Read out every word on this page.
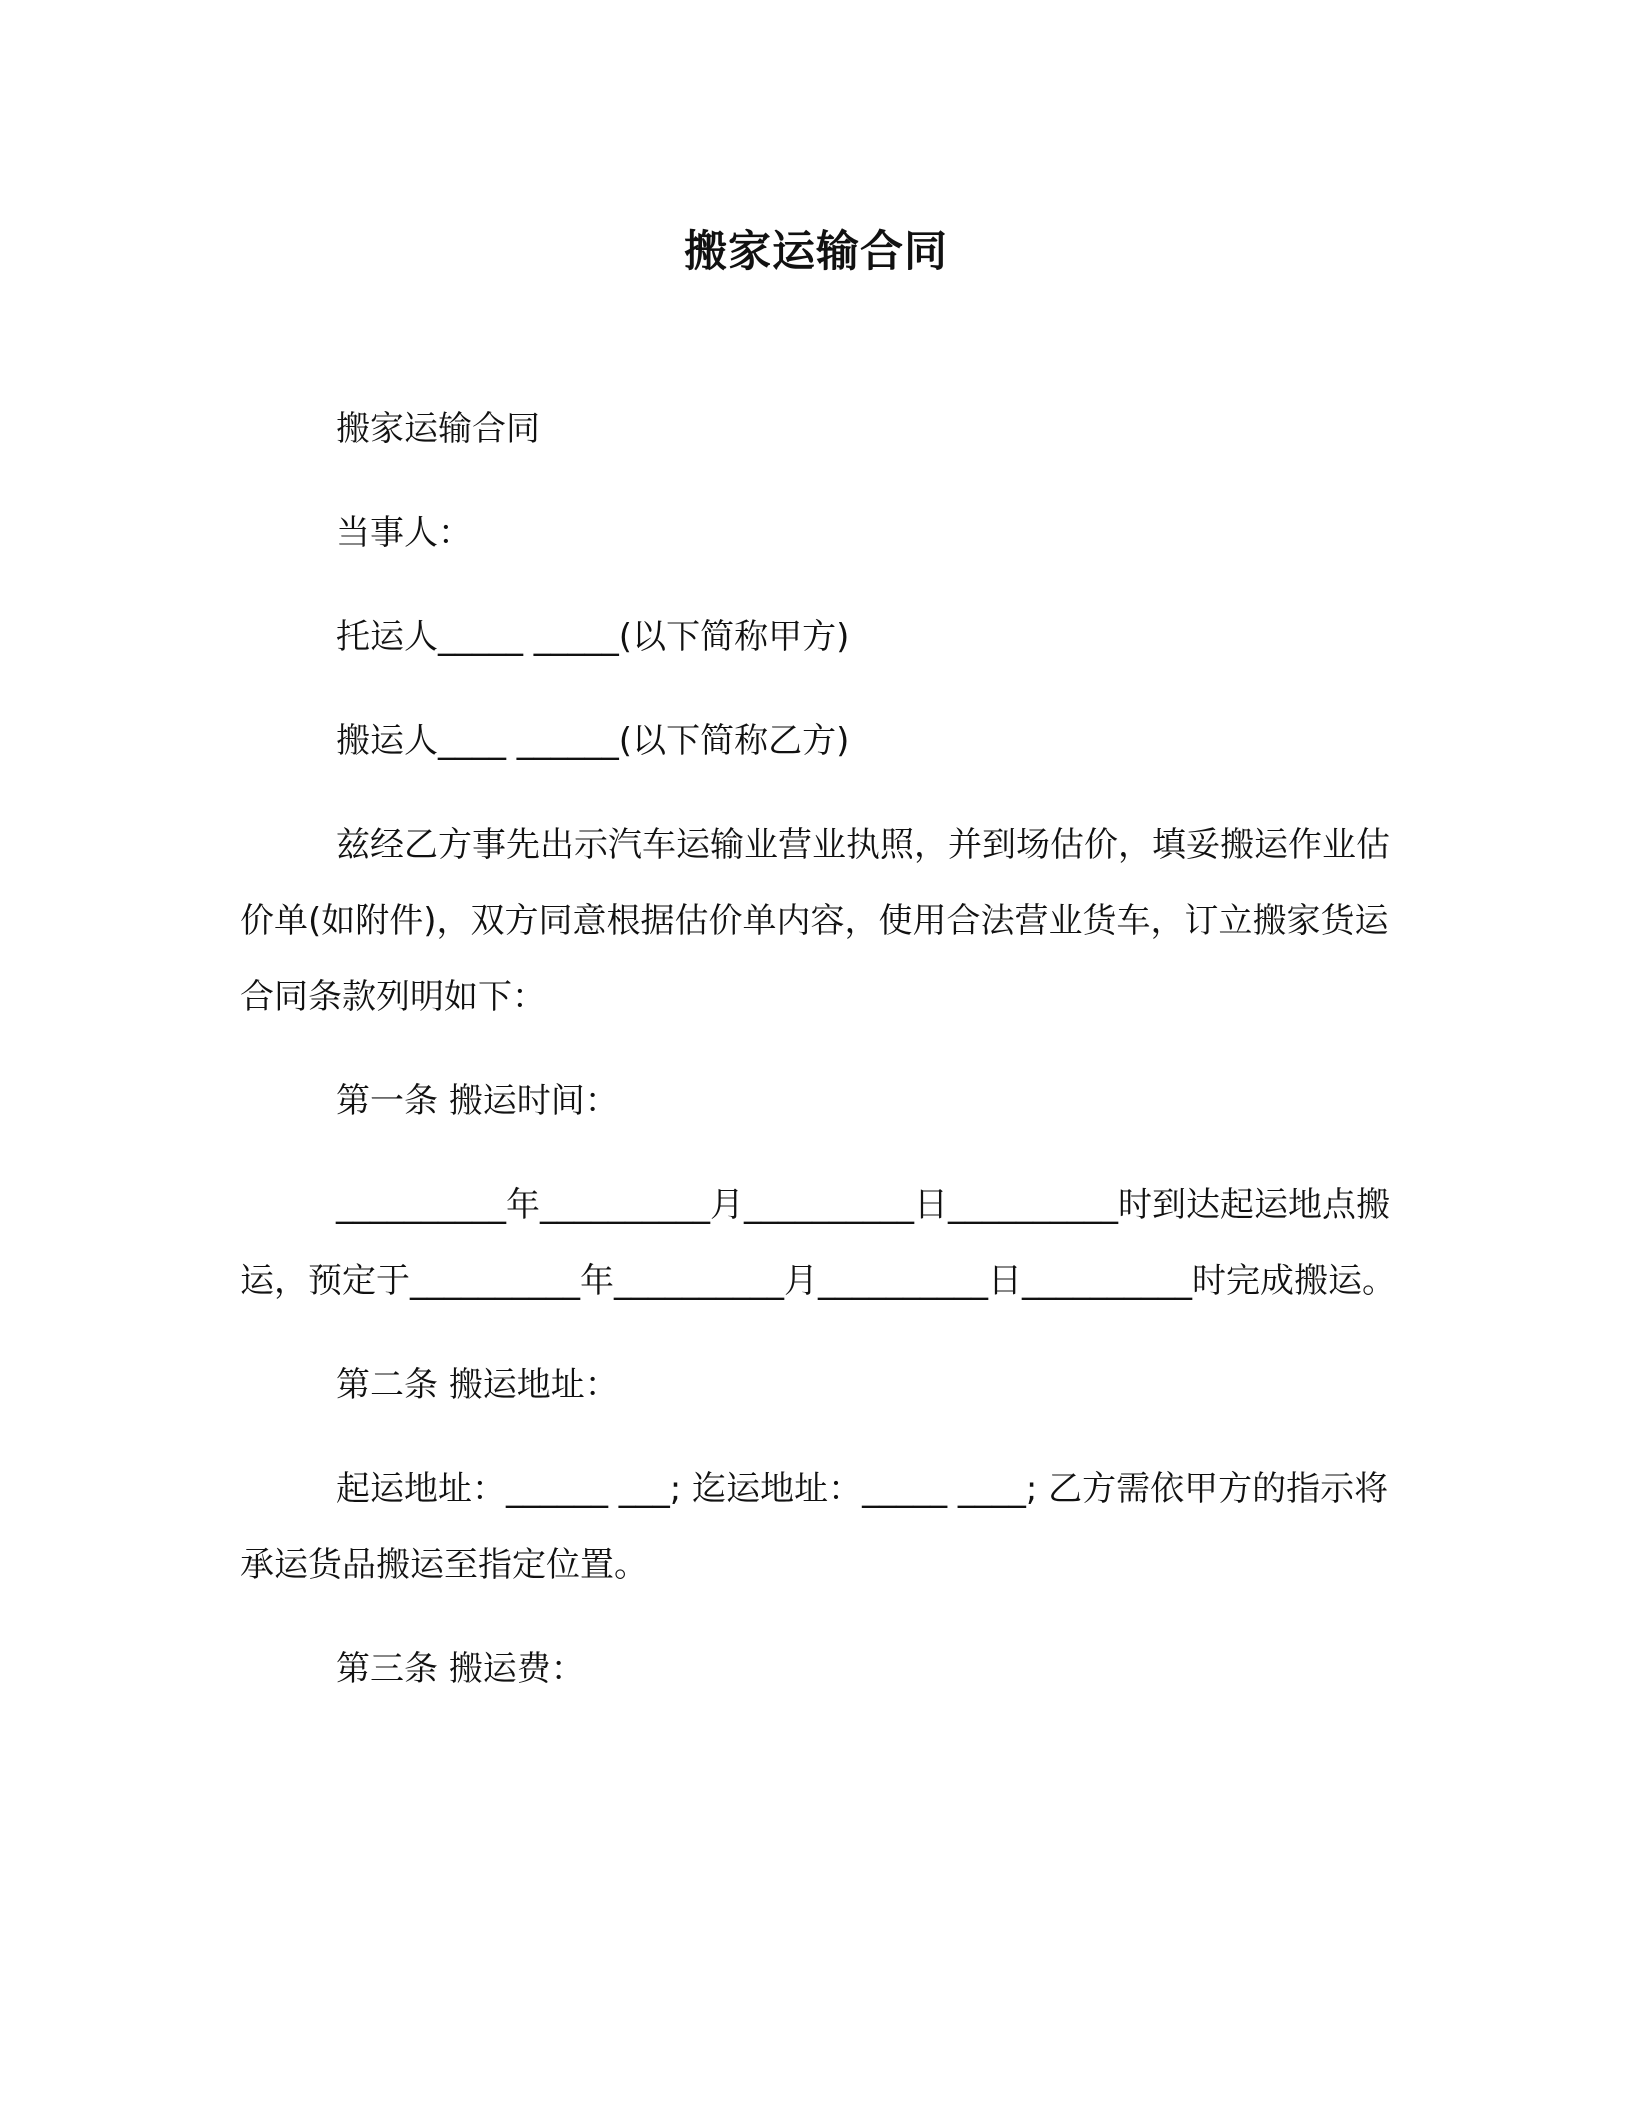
搬家运输合同

搬家运输合同

当事人：

托运人_____ _____(以下简称甲方)

搬运人____ ______(以下简称乙方)

兹经乙方事先出示汽车运输业营业执照，并到场估价，填妥搬运作业估价单(如附件)，双方同意根据估价单内容，使用合法营业货车，订立搬家货运合同条款列明如下：

第一条 搬运时间：

__________年__________月__________日__________时到达起运地点搬运，预定于__________年__________月__________日__________时完成搬运。

第二条 搬运地址：

起运地址：______ ___; 迄运地址：_____ ____; 乙方需依甲方的指示将承运货品搬运至指定位置。

第三条 搬运费：
